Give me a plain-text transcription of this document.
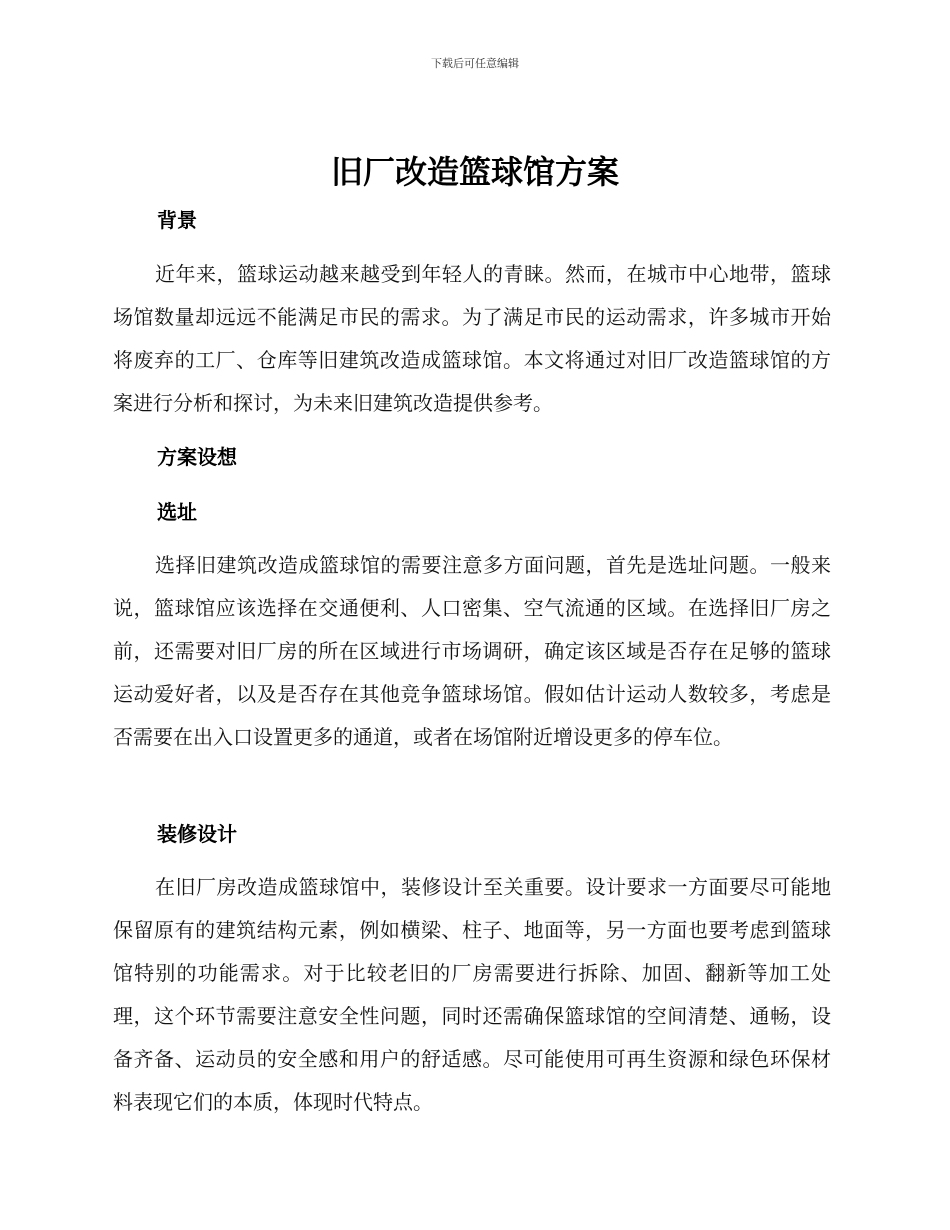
下载后可任意编辑
旧厂改造篮球馆方案
背景

近年来，篮球运动越来越受到年轻人的青睐。然而，在城市中心地带，篮球场馆数量却远远不能满足市民的需求。为了满足市民的运动需求，许多城市开始将废弃的工厂、仓库等旧建筑改造成篮球馆。本文将通过对旧厂改造篮球馆的方案进行分析和探讨，为未来旧建筑改造提供参考。

方案设想
选址

选择旧建筑改造成篮球馆的需要注意多方面问题，首先是选址问题。一般来说，篮球馆应该选择在交通便利、人口密集、空气流通的区域。在选择旧厂房之前，还需要对旧厂房的所在区域进行市场调研，确定该区域是否存在足够的篮球运动爱好者，以及是否存在其他竞争篮球场馆。假如估计运动人数较多，考虑是否需要在出入口设置更多的通道，或者在场馆附近增设更多的停车位。

装修设计

在旧厂房改造成篮球馆中，装修设计至关重要。设计要求一方面要尽可能地保留原有的建筑结构元素，例如横梁、柱子、地面等，另一方面也要考虑到篮球馆特别的功能需求。对于比较老旧的厂房需要进行拆除、加固、翻新等加工处理，这个环节需要注意安全性问题，同时还需确保篮球馆的空间清楚、通畅，设备齐备、运动员的安全感和用户的舒适感。尽可能使用可再生资源和绿色环保材料表现它们的本质，体现时代特点。
